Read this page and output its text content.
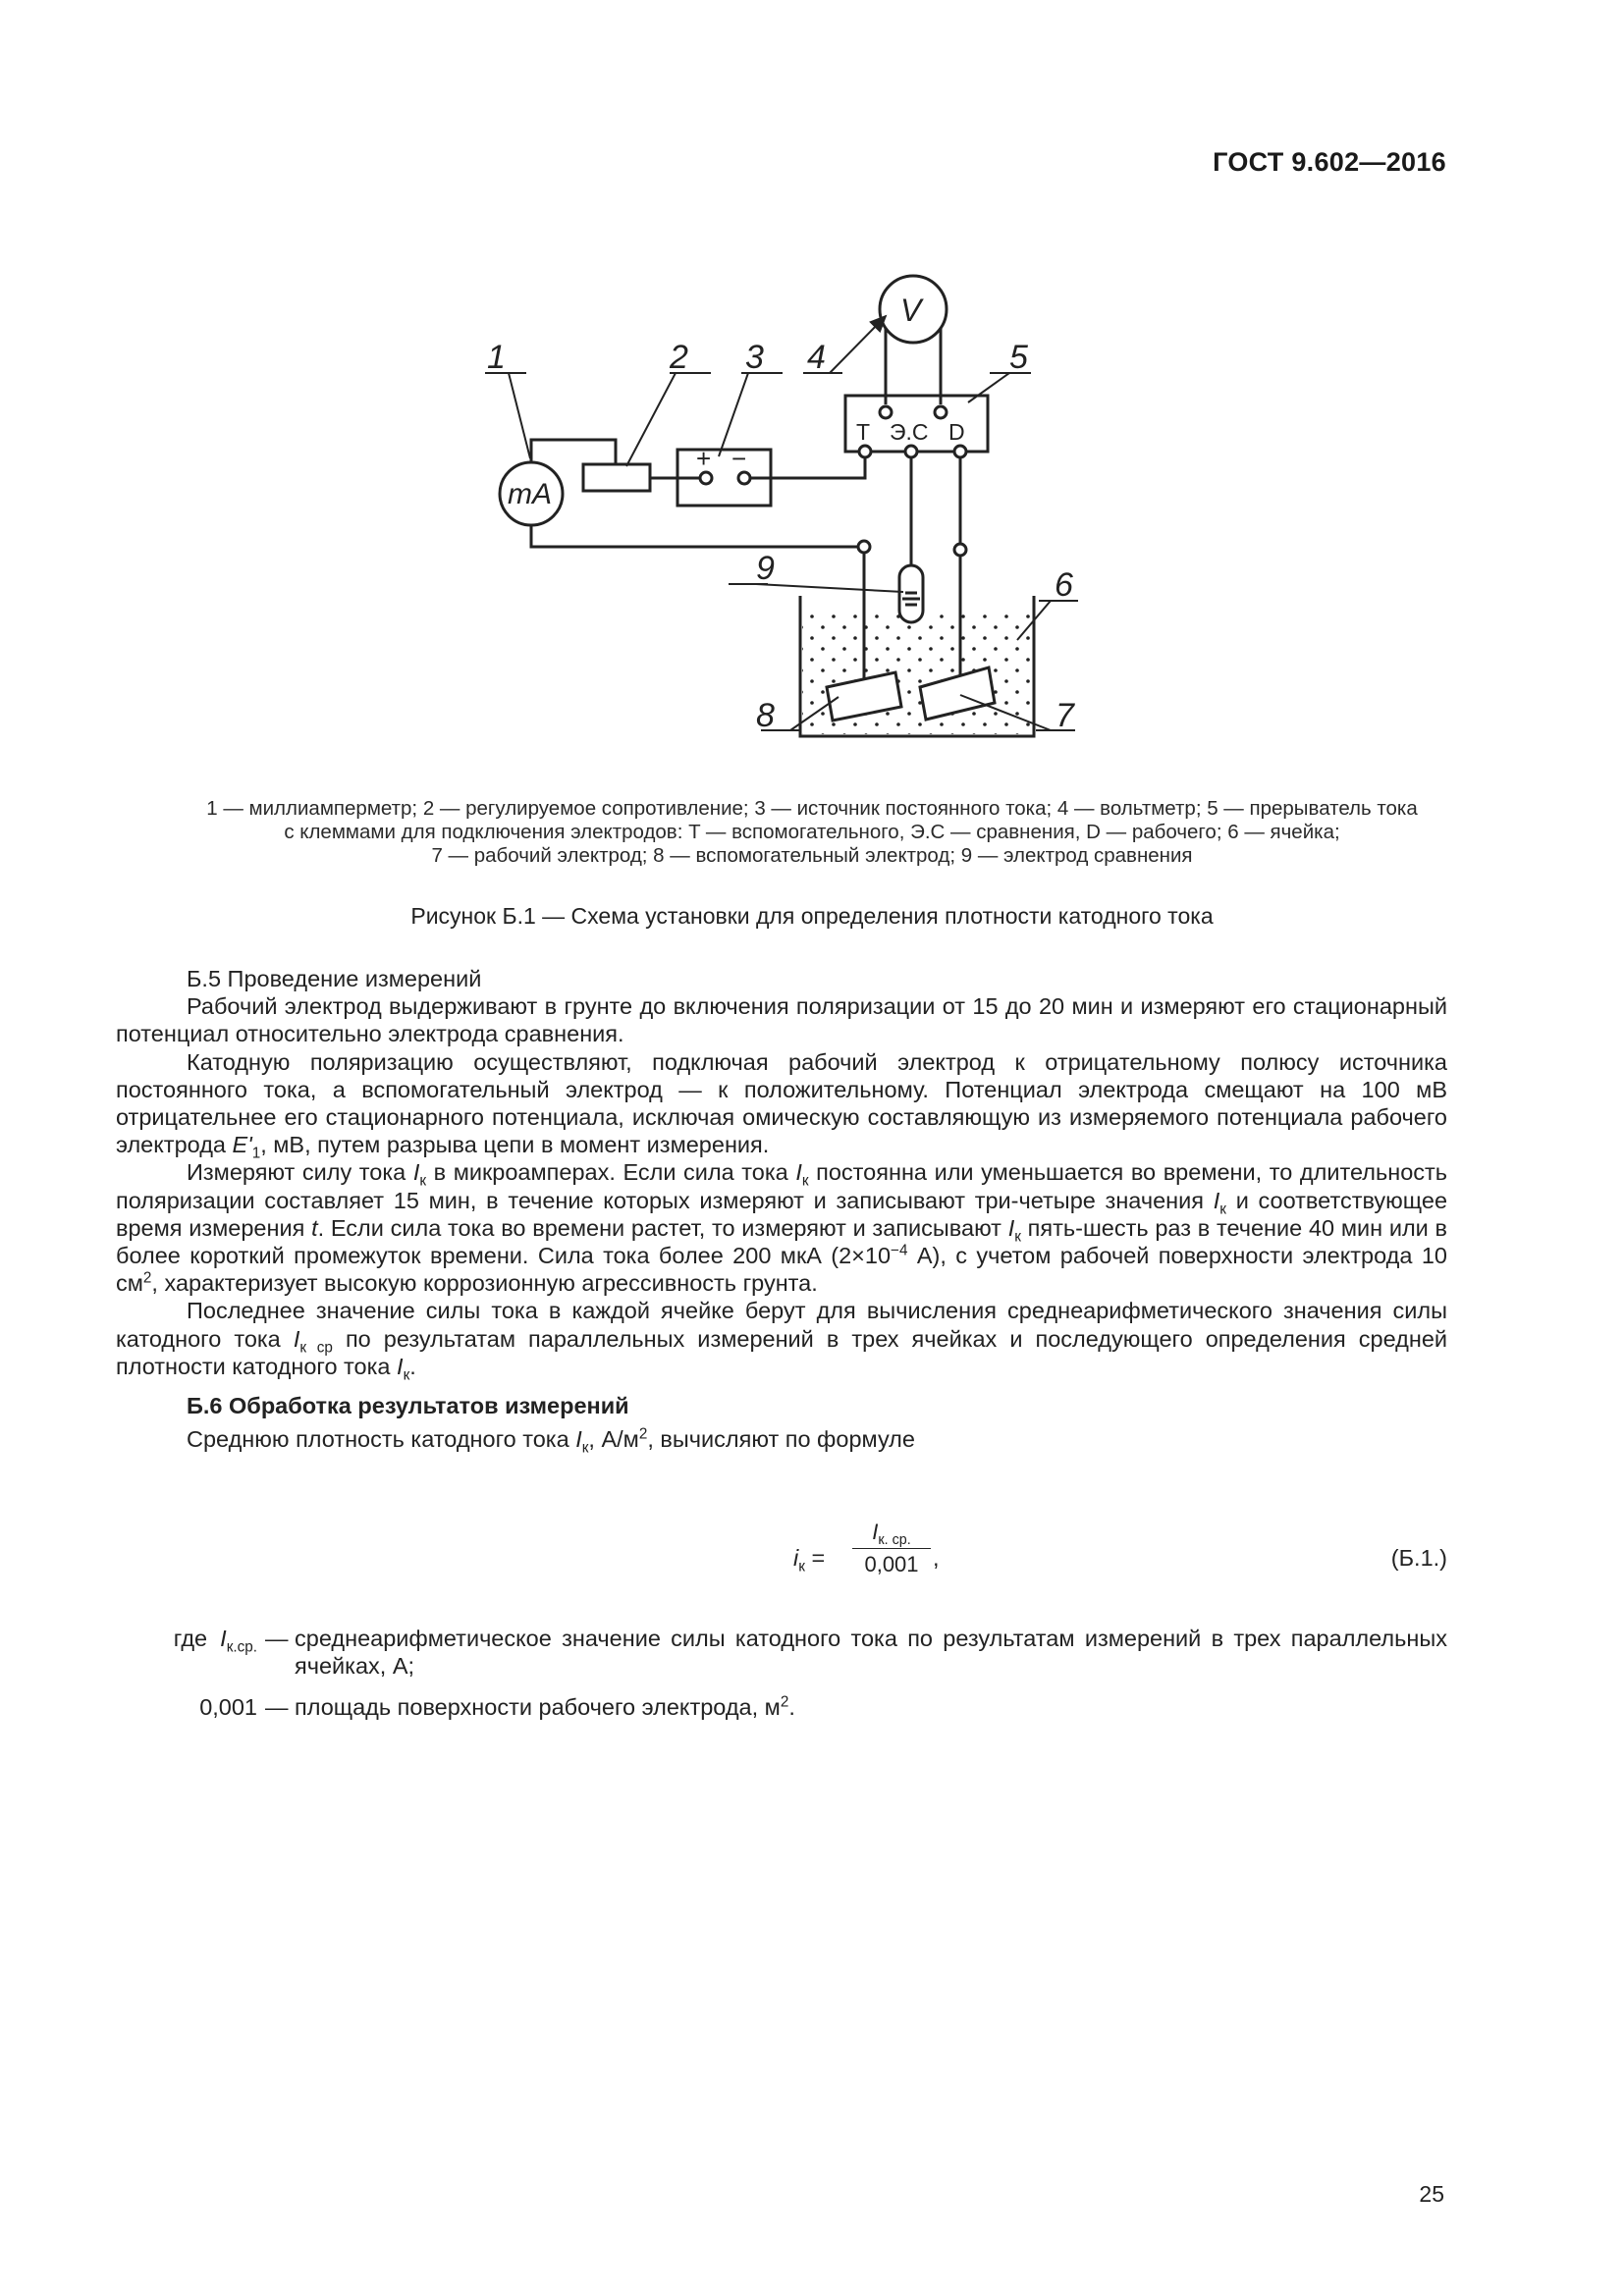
ГОСТ 9.602—2016
1	2 3 4	5
6
7
8
9
V
mA
+ −
T Э.С D
1 — миллиамперметр; 2 — регулируемое сопротивление; 3 — источник постоянного тока; 4 — вольтметр; 5 — прерыватель тока
с клеммами для подключения электродов: T — вспомогательного, Э.С — сравнения, D — рабочего; 6 — ячейка;
7 — рабочий электрод; 8 — вспомогательный электрод; 9 — электрод сравнения
Рисунок Б.1 — Схема установки для определения плотности катодного тока

Б.5 Проведение измерений

Рабочий электрод выдерживают в грунте до включения поляризации от 15 до 20 мин и измеряют его стационарный потенциал относительно электрода сравнения.

Катодную поляризацию осуществляют, подключая рабочий электрод к отрицательному полюсу источника постоянного тока, а вспомогательный электрод — к положительному. Потенциал электрода смещают на 100 мВ отрицательнее его стационарного потенциала, исключая омическую составляющую из измеряемого потенциала рабочего электрода $E'_1$, мВ, путем разрыва цепи в момент измерения.

Измеряют силу тока $I_к$ в микроамперах. Если сила тока $I_к$ постоянна или уменьшается во времени, то длительность поляризации составляет 15 мин, в течение которых измеряют и записывают три-четыре значения $I_к$ и соответствующее время измерения t. Если сила тока во времени растет, то измеряют и записывают $I_к$ пять-шесть раз в течение 40 мин или в более короткий промежуток времени. Сила тока более 200 мкА ($2\times 10^{-4}$ А), с учетом рабочей поверхности электрода 10 $см^2$, характеризует высокую коррозионную агрессивность грунта.

Последнее значение силы тока в каждой ячейке берут для вычисления среднеарифметического значения силы катодного тока $I_{к ср}$ по результатам параллельных измерений в трех ячейках и последующего определения средней плотности катодного тока $I_к$.

Б.6 Обработка результатов измерений

Среднюю плотность катодного тока $I_к$, $А/м^2$, вычисляют по формуле

$i_к$ =
$I_{к. ср.}$
0,001 ,	(Б.1.)
где $I_{к.ср.}$ — среднеарифметическое значение силы катодного тока по результатам измерений в трех параллельных ячейках, А;
0,001 — площадь поверхности рабочего электрода, $м^2$.
25
